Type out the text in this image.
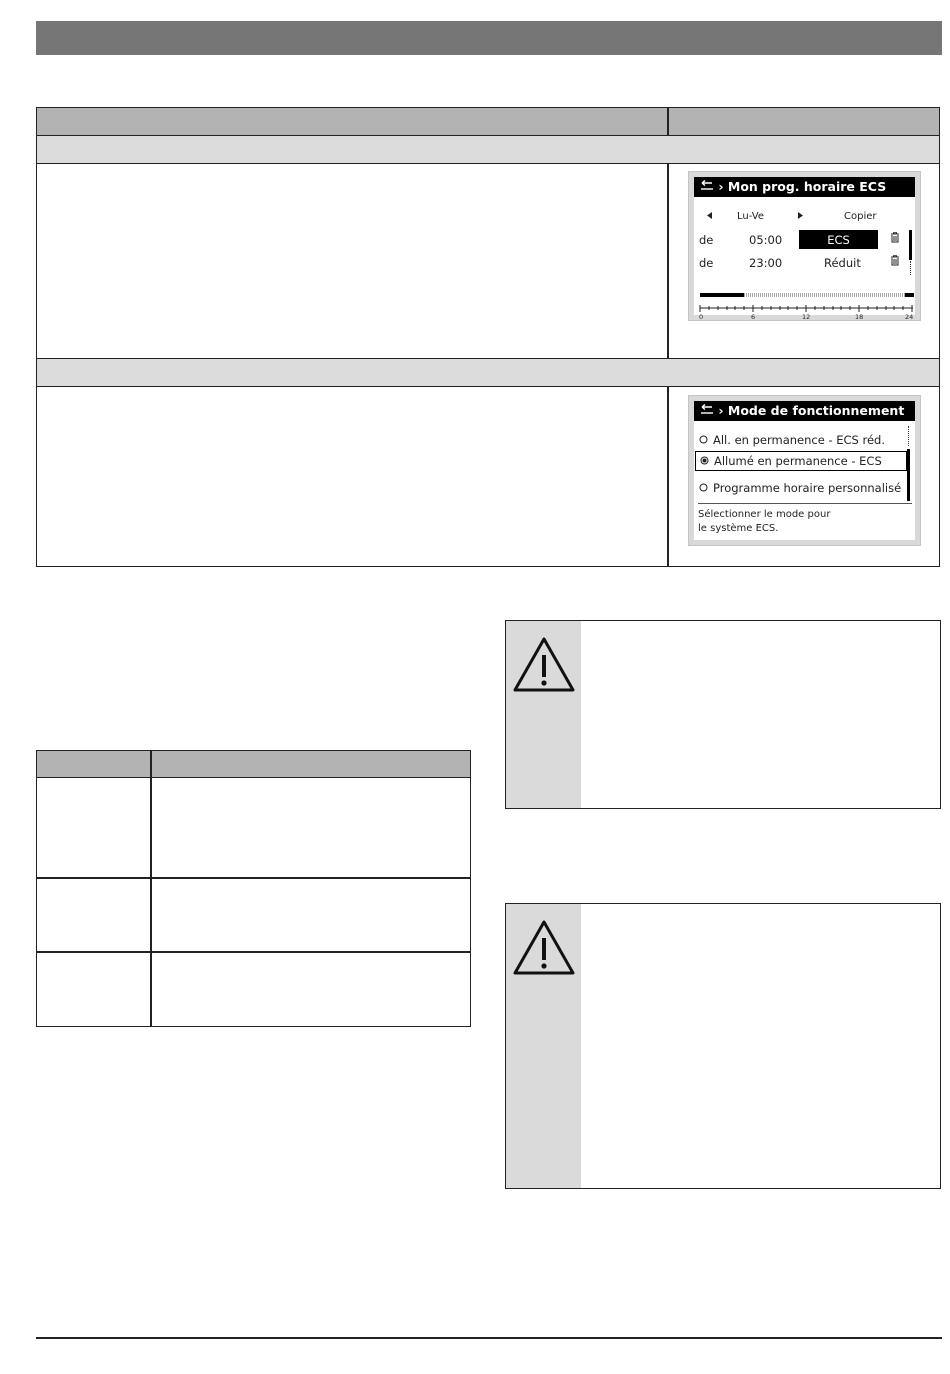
› Mon prog. horaire ECS
Lu-Ve	Copier
de	05:00	ECS
de	23:00	Réduit
0	6	12	18	24
› Mode de fonctionnement
All. en permanence - ECS réd.
Allumé en permanence - ECS
Programme horaire personnalisé
Sélectionner le mode pour
le système ECS.
